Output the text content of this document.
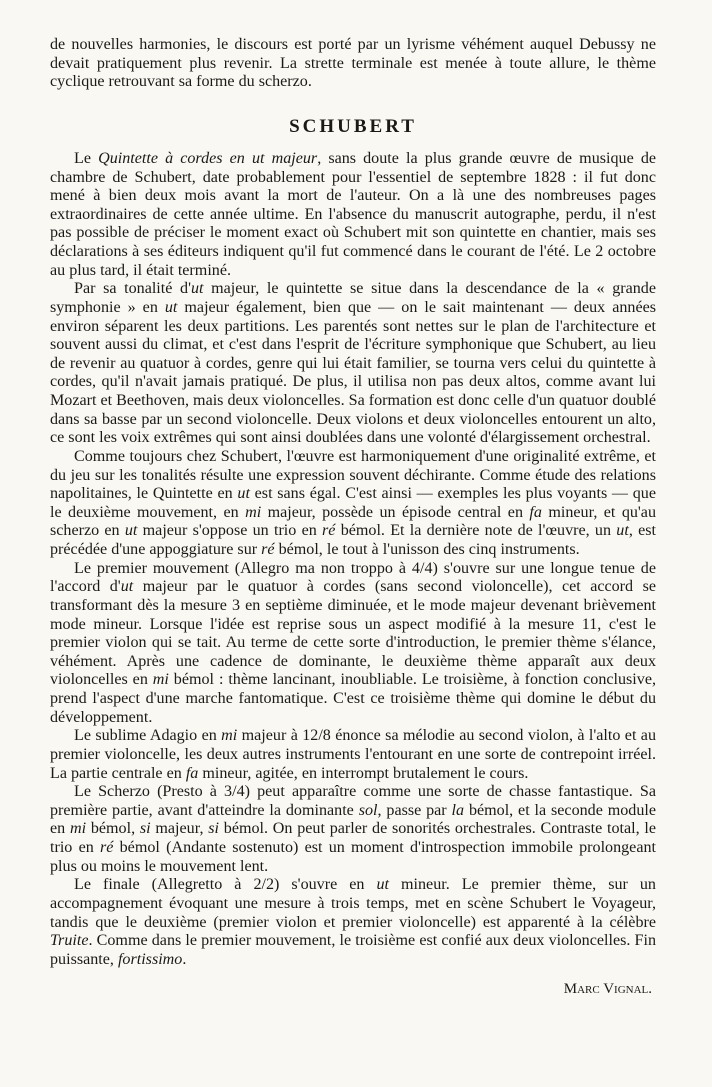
de nouvelles harmonies, le discours est porté par un lyrisme véhément auquel Debussy ne devait pratiquement plus revenir. La strette terminale est menée à toute allure, le thème cyclique retrouvant sa forme du scherzo.

SCHUBERT

Le Quintette à cordes en ut majeur, sans doute la plus grande œuvre de musique de chambre de Schubert, date probablement pour l'essentiel de septembre 1828 : il fut donc mené à bien deux mois avant la mort de l'auteur. On a là une des nombreuses pages extraordinaires de cette année ultime. En l'absence du manuscrit autographe, perdu, il n'est pas possible de préciser le moment exact où Schubert mit son quintette en chantier, mais ses déclarations à ses éditeurs indiquent qu'il fut commencé dans le courant de l'été. Le 2 octobre au plus tard, il était terminé.

Par sa tonalité d'ut majeur, le quintette se situe dans la descendance de la « grande symphonie » en ut majeur également, bien que — on le sait maintenant — deux années environ séparent les deux partitions. Les parentés sont nettes sur le plan de l'architecture et souvent aussi du climat, et c'est dans l'esprit de l'écriture symphonique que Schubert, au lieu de revenir au quatuor à cordes, genre qui lui était familier, se tourna vers celui du quintette à cordes, qu'il n'avait jamais pratiqué. De plus, il utilisa non pas deux altos, comme avant lui Mozart et Beethoven, mais deux violoncelles. Sa formation est donc celle d'un quatuor doublé dans sa basse par un second violoncelle. Deux violons et deux violoncelles entourent un alto, ce sont les voix extrêmes qui sont ainsi doublées dans une volonté d'élargissement orchestral.

Comme toujours chez Schubert, l'œuvre est harmoniquement d'une originalité extrême, et du jeu sur les tonalités résulte une expression souvent déchirante. Comme étude des relations napolitaines, le Quintette en ut est sans égal. C'est ainsi — exemples les plus voyants — que le deuxième mouvement, en mi majeur, possède un épisode central en fa mineur, et qu'au scherzo en ut majeur s'oppose un trio en ré bémol. Et la dernière note de l'œuvre, un ut, est précédée d'une appoggiature sur ré bémol, le tout à l'unisson des cinq instruments.

Le premier mouvement (Allegro ma non troppo à 4/4) s'ouvre sur une longue tenue de l'accord d'ut majeur par le quatuor à cordes (sans second violoncelle), cet accord se transformant dès la mesure 3 en septième diminuée, et le mode majeur devenant brièvement mode mineur. Lorsque l'idée est reprise sous un aspect modifié à la mesure 11, c'est le premier violon qui se tait. Au terme de cette sorte d'introduction, le premier thème s'élance, véhément. Après une cadence de dominante, le deuxième thème apparaît aux deux violoncelles en mi bémol : thème lancinant, inoubliable. Le troisième, à fonction conclusive, prend l'aspect d'une marche fantomatique. C'est ce troisième thème qui domine le début du développement.

Le sublime Adagio en mi majeur à 12/8 énonce sa mélodie au second violon, à l'alto et au premier violoncelle, les deux autres instruments l'entourant en une sorte de contrepoint irréel. La partie centrale en fa mineur, agitée, en interrompt brutalement le cours.

Le Scherzo (Presto à 3/4) peut apparaître comme une sorte de chasse fantastique. Sa première partie, avant d'atteindre la dominante sol, passe par la bémol, et la seconde module en mi bémol, si majeur, si bémol. On peut parler de sonorités orchestrales. Contraste total, le trio en ré bémol (Andante sostenuto) est un moment d'introspection immobile prolongeant plus ou moins le mouvement lent.

Le finale (Allegretto à 2/2) s'ouvre en ut mineur. Le premier thème, sur un accompagnement évoquant une mesure à trois temps, met en scène Schubert le Voyageur, tandis que le deuxième (premier violon et premier violoncelle) est apparenté à la célèbre Truite. Comme dans le premier mouvement, le troisième est confié aux deux violoncelles. Fin puissante, fortissimo.

Marc Vignal.
